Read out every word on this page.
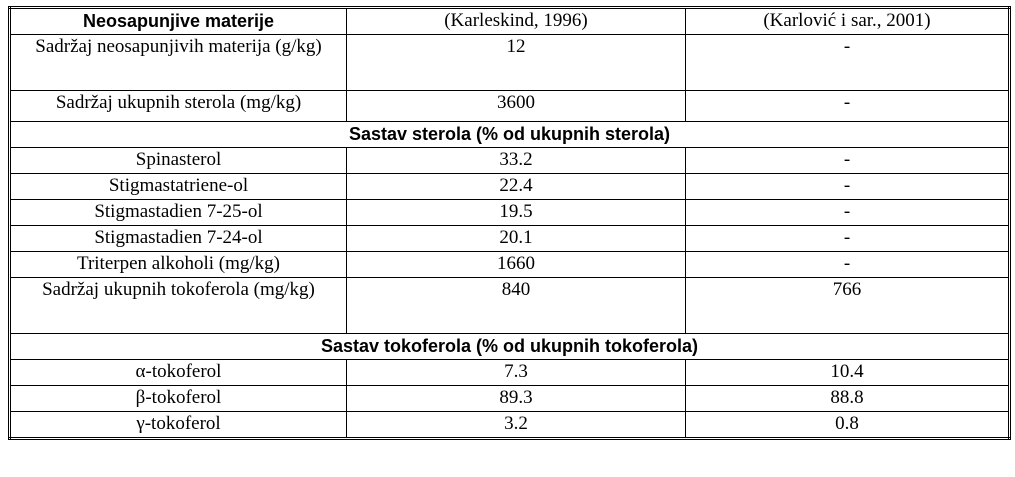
Neosapunjive materije	(Karleskind, 1996)	(Karlović i sar., 2001)
Sadržaj neosapunjivih materija (g/kg)	12	-
Sadržaj ukupnih sterola (mg/kg)	3600	-
Sastav sterola (% od ukupnih sterola)		
Spinasterol	33.2	-
Stigmastatriene-ol	22.4	-
Stigmastadien 7-25-ol	19.5	-
Stigmastadien 7-24-ol	20.1	-
Triterpen alkoholi (mg/kg)	1660	-
Sadržaj ukupnih tokoferola (mg/kg)	840	766
Sastav tokoferola (% od ukupnih tokoferola)		
α-tokoferol	7.3	10.4
β-tokoferol	89.3	88.8
γ-tokoferol	3.2	0.8
